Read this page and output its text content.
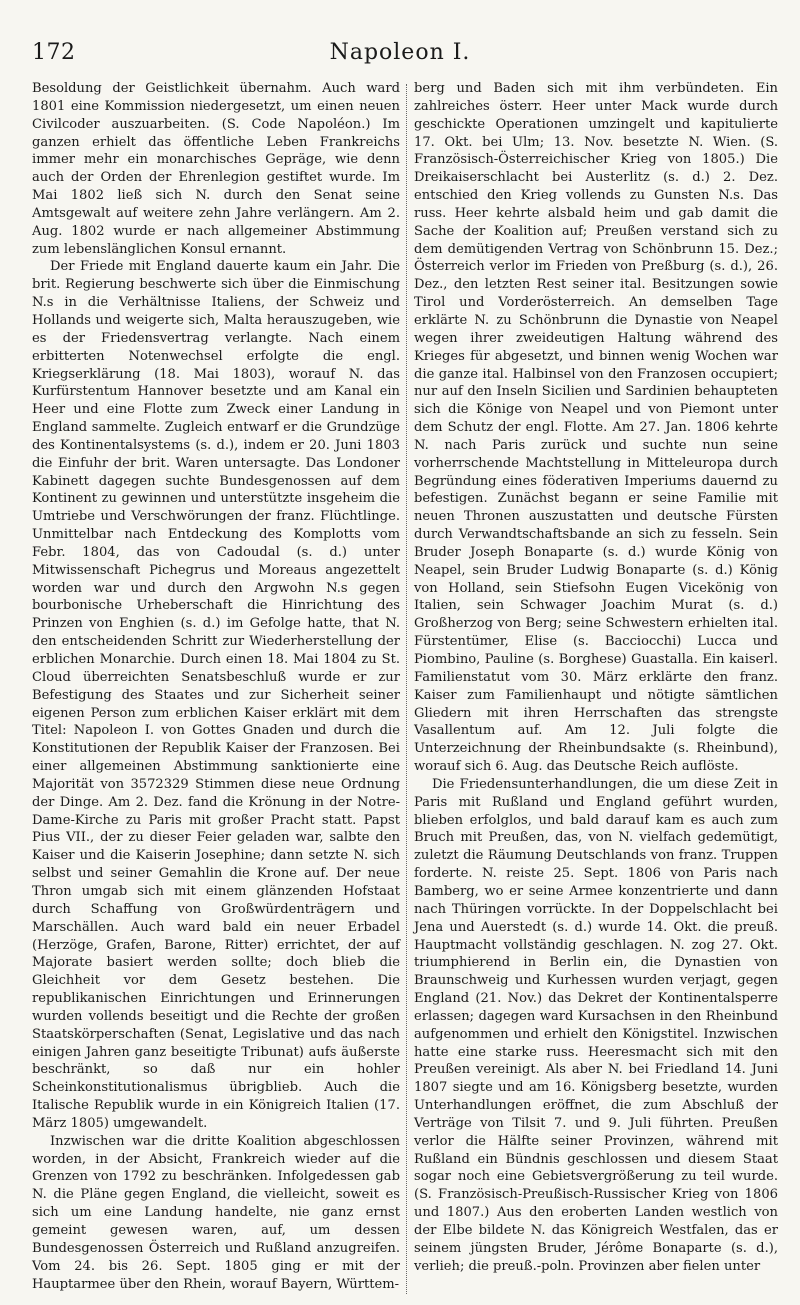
172	Napoleon I.

Besoldung der Geistlichkeit übernahm. Auch ward 1801 eine Kommission niedergesetzt, um einen neuen Civilcoder auszuarbeiten. (S. Code Napoléon.) Im ganzen erhielt das öffentliche Leben Frankreichs immer mehr ein monarchisches Gepräge, wie denn auch der Orden der Ehrenlegion gestiftet wurde. Im Mai 1802 ließ sich N. durch den Senat seine Amtsgewalt auf weitere zehn Jahre verlängern. Am 2. Aug. 1802 wurde er nach allgemeiner Abstimmung zum lebenslänglichen Konsul ernannt.

Der Friede mit England dauerte kaum ein Jahr. Die brit. Regierung beschwerte sich über die Einmischung N.s in die Verhältnisse Italiens, der Schweiz und Hollands und weigerte sich, Malta herauszugeben, wie es der Friedensvertrag verlangte. Nach einem erbitterten Notenwechsel erfolgte die engl. Kriegserklärung (18. Mai 1803), worauf N. das Kurfürstentum Hannover besetzte und am Kanal ein Heer und eine Flotte zum Zweck einer Landung in England sammelte. Zugleich entwarf er die Grundzüge des Kontinentalsystems (s. d.), indem er 20. Juni 1803 die Einfuhr der brit. Waren untersagte. Das Londoner Kabinett dagegen suchte Bundesgenossen auf dem Kontinent zu gewinnen und unterstützte insgeheim die Umtriebe und Verschwörungen der franz. Flüchtlinge. Unmittelbar nach Entdeckung des Komplotts vom Febr. 1804, das von Cadoudal (s. d.) unter Mitwissenschaft Pichegrus und Moreaus angezettelt worden war und durch den Argwohn N.s gegen bourbonische Urheberschaft die Hinrichtung des Prinzen von Enghien (s. d.) im Gefolge hatte, that N. den entscheidenden Schritt zur Wiederherstellung der erblichen Monarchie. Durch einen 18. Mai 1804 zu St. Cloud überreichten Senatsbeschluß wurde er zur Befestigung des Staates und zur Sicherheit seiner eigenen Person zum erblichen Kaiser erklärt mit dem Titel: Napoleon I. von Gottes Gnaden und durch die Konstitutionen der Republik Kaiser der Franzosen. Bei einer allgemeinen Abstimmung sanktionierte eine Majorität von 3572329 Stimmen diese neue Ordnung der Dinge. Am 2. Dez. fand die Krönung in der Notre-Dame-Kirche zu Paris mit großer Pracht statt. Papst Pius VII., der zu dieser Feier geladen war, salbte den Kaiser und die Kaiserin Josephine; dann setzte N. sich selbst und seiner Gemahlin die Krone auf. Der neue Thron umgab sich mit einem glänzenden Hofstaat durch Schaffung von Großwürdenträgern und Marschällen. Auch ward bald ein neuer Erbadel (Herzöge, Grafen, Barone, Ritter) errichtet, der auf Majorate basiert werden sollte; doch blieb die Gleichheit vor dem Gesetz bestehen. Die republikanischen Einrichtungen und Erinnerungen wurden vollends beseitigt und die Rechte der großen Staatskörperschaften (Senat, Legislative und das nach einigen Jahren ganz beseitigte Tribunat) aufs äußerste beschränkt, so daß nur ein hohler Scheinkonstitutionalismus übrigblieb. Auch die Italische Republik wurde in ein Königreich Italien (17. März 1805) umgewandelt.

Inzwischen war die dritte Koalition abgeschlossen worden, in der Absicht, Frankreich wieder auf die Grenzen von 1792 zu beschränken. Infolgedessen gab N. die Pläne gegen England, die vielleicht, soweit es sich um eine Landung handelte, nie ganz ernst gemeint gewesen waren, auf, um dessen Bundesgenossen Österreich und Rußland anzugreifen. Vom 24. bis 26. Sept. 1805 ging er mit der Hauptarmee über den Rhein, worauf Bayern, Württem-

berg und Baden sich mit ihm verbündeten. Ein zahlreiches österr. Heer unter Mack wurde durch geschickte Operationen umzingelt und kapitulierte 17. Okt. bei Ulm; 13. Nov. besetzte N. Wien. (S. Französisch-Österreichischer Krieg von 1805.) Die Dreikaiserschlacht bei Austerlitz (s. d.) 2. Dez. entschied den Krieg vollends zu Gunsten N.s. Das russ. Heer kehrte alsbald heim und gab damit die Sache der Koalition auf; Preußen verstand sich zu dem demütigenden Vertrag von Schönbrunn 15. Dez.; Österreich verlor im Frieden von Preßburg (s. d.), 26. Dez., den letzten Rest seiner ital. Besitzungen sowie Tirol und Vorderösterreich. An demselben Tage erklärte N. zu Schönbrunn die Dynastie von Neapel wegen ihrer zweideutigen Haltung während des Krieges für abgesetzt, und binnen wenig Wochen war die ganze ital. Halbinsel von den Franzosen occupiert; nur auf den Inseln Sicilien und Sardinien behaupteten sich die Könige von Neapel und von Piemont unter dem Schutz der engl. Flotte. Am 27. Jan. 1806 kehrte N. nach Paris zurück und suchte nun seine vorherrschende Machtstellung in Mitteleuropa durch Begründung eines föderativen Imperiums dauernd zu befestigen. Zunächst begann er seine Familie mit neuen Thronen auszustatten und deutsche Fürsten durch Verwandtschaftsbande an sich zu fesseln. Sein Bruder Joseph Bonaparte (s. d.) wurde König von Neapel, sein Bruder Ludwig Bonaparte (s. d.) König von Holland, sein Stiefsohn Eugen Vicekönig von Italien, sein Schwager Joachim Murat (s. d.) Großherzog von Berg; seine Schwestern erhielten ital. Fürstentümer, Elise (s. Bacciocchi) Lucca und Piombino, Pauline (s. Borghese) Guastalla. Ein kaiserl. Familienstatut vom 30. März erklärte den franz. Kaiser zum Familienhaupt und nötigte sämtlichen Gliedern mit ihren Herrschaften das strengste Vasallentum auf. Am 12. Juli folgte die Unterzeichnung der Rheinbundsakte (s. Rheinbund), worauf sich 6. Aug. das Deutsche Reich auflöste.

Die Friedensunterhandlungen, die um diese Zeit in Paris mit Rußland und England geführt wurden, blieben erfolglos, und bald darauf kam es auch zum Bruch mit Preußen, das, von N. vielfach gedemütigt, zuletzt die Räumung Deutschlands von franz. Truppen forderte. N. reiste 25. Sept. 1806 von Paris nach Bamberg, wo er seine Armee konzentrierte und dann nach Thüringen vorrückte. In der Doppelschlacht bei Jena und Auerstedt (s. d.) wurde 14. Okt. die preuß. Hauptmacht vollständig geschlagen. N. zog 27. Okt. triumphierend in Berlin ein, die Dynastien von Braunschweig und Kurhessen wurden verjagt, gegen England (21. Nov.) das Dekret der Kontinentalsperre erlassen; dagegen ward Kursachsen in den Rheinbund aufgenommen und erhielt den Königstitel. Inzwischen hatte eine starke russ. Heeresmacht sich mit den Preußen vereinigt. Als aber N. bei Friedland 14. Juni 1807 siegte und am 16. Königsberg besetzte, wurden Unterhandlungen eröffnet, die zum Abschluß der Verträge von Tilsit 7. und 9. Juli führten. Preußen verlor die Hälfte seiner Provinzen, während mit Rußland ein Bündnis geschlossen und diesem Staat sogar noch eine Gebietsvergrößerung zu teil wurde. (S. Französisch-Preußisch-Russischer Krieg von 1806 und 1807.) Aus den eroberten Landen westlich von der Elbe bildete N. das Königreich Westfalen, das er seinem jüngsten Bruder, Jérôme Bonaparte (s. d.), verlieh; die preuß.-poln. Provinzen aber fielen unter
